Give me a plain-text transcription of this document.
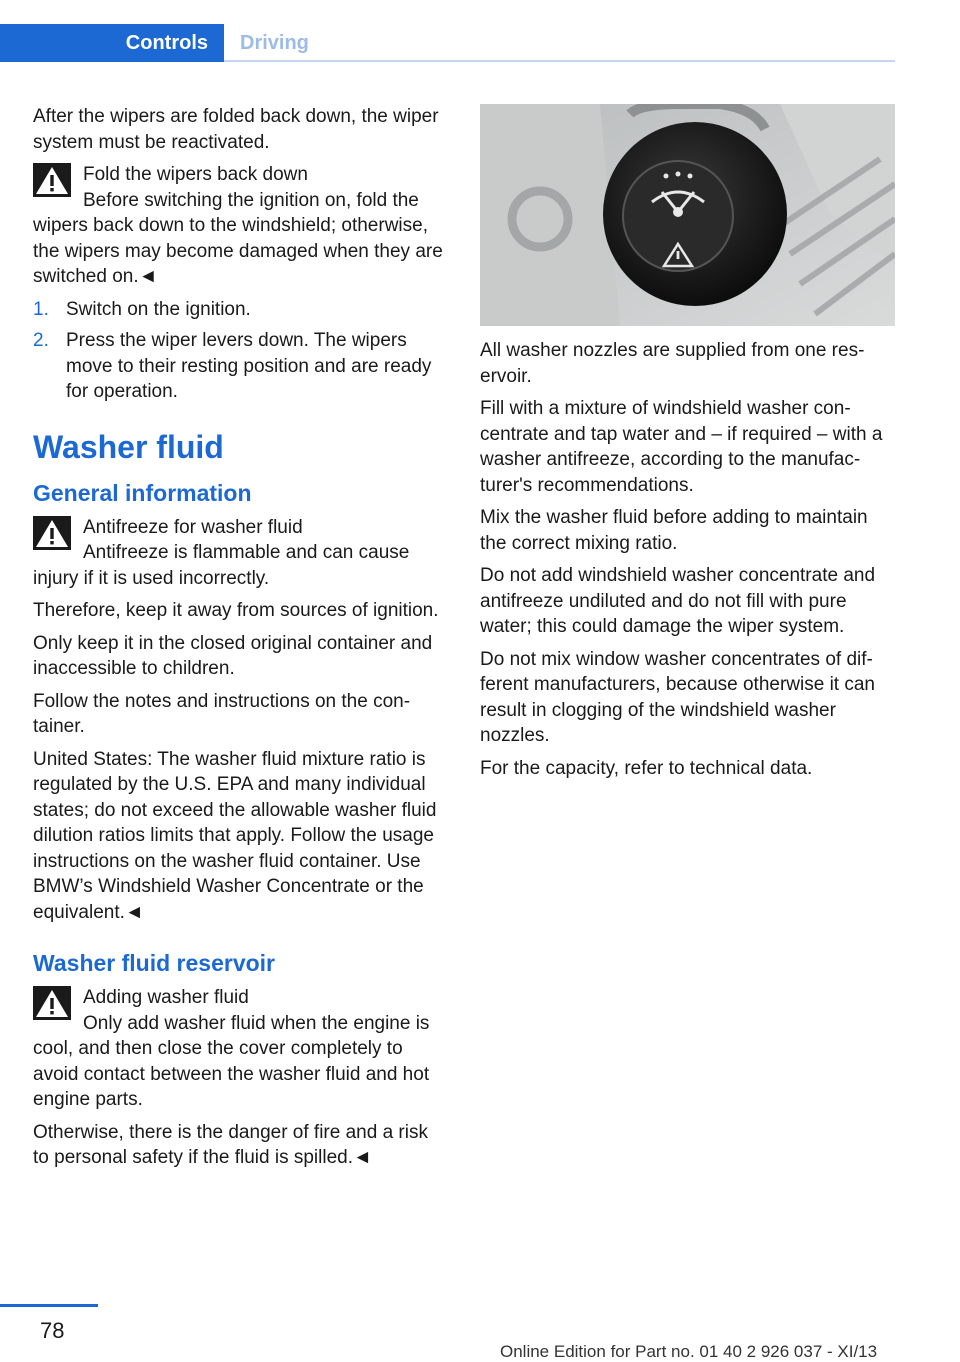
Controls Driving

After the wipers are folded back down, the wiper system must be reactivated.

Fold the wipers back down
Before switching the ignition on, fold the wipers back down to the windshield; otherwise, the wipers may become damaged when they are switched on.◄
1. Switch on the ignition.
2. Press the wiper levers down. The wipers move to their resting position and are ready for operation.
Washer fluid
General information
Antifreeze for washer fluid
Antifreeze is flammable and can cause injury if it is used incorrectly.

Therefore, keep it away from sources of ignition.

Only keep it in the closed original container and inaccessible to children.

Follow the notes and instructions on the container.

United States: The washer fluid mixture ratio is regulated by the U.S. EPA and many individual states; do not exceed the allowable washer fluid dilution ratios limits that apply. Follow the usage instructions on the washer fluid container. Use BMW’s Windshield Washer Concentrate or the equivalent.◄

Washer fluid reservoir
Adding washer fluid
Only add washer fluid when the engine is cool, and then close the cover completely to avoid contact between the washer fluid and hot engine parts.

Otherwise, there is the danger of fire and a risk to personal safety if the fluid is spilled.◄

All washer nozzles are supplied from one reservoir.

Fill with a mixture of windshield washer concentrate and tap water and – if required – with a washer antifreeze, according to the manufacturer's recommendations.

Mix the washer fluid before adding to maintain the correct mixing ratio.

Do not add windshield washer concentrate and antifreeze undiluted and do not fill with pure water; this could damage the wiper system.

Do not mix window washer concentrates of different manufacturers, because otherwise it can result in clogging of the windshield washer nozzles.

For the capacity, refer to technical data.

78
Online Edition for Part no. 01 40 2 926 037 - XI/13
